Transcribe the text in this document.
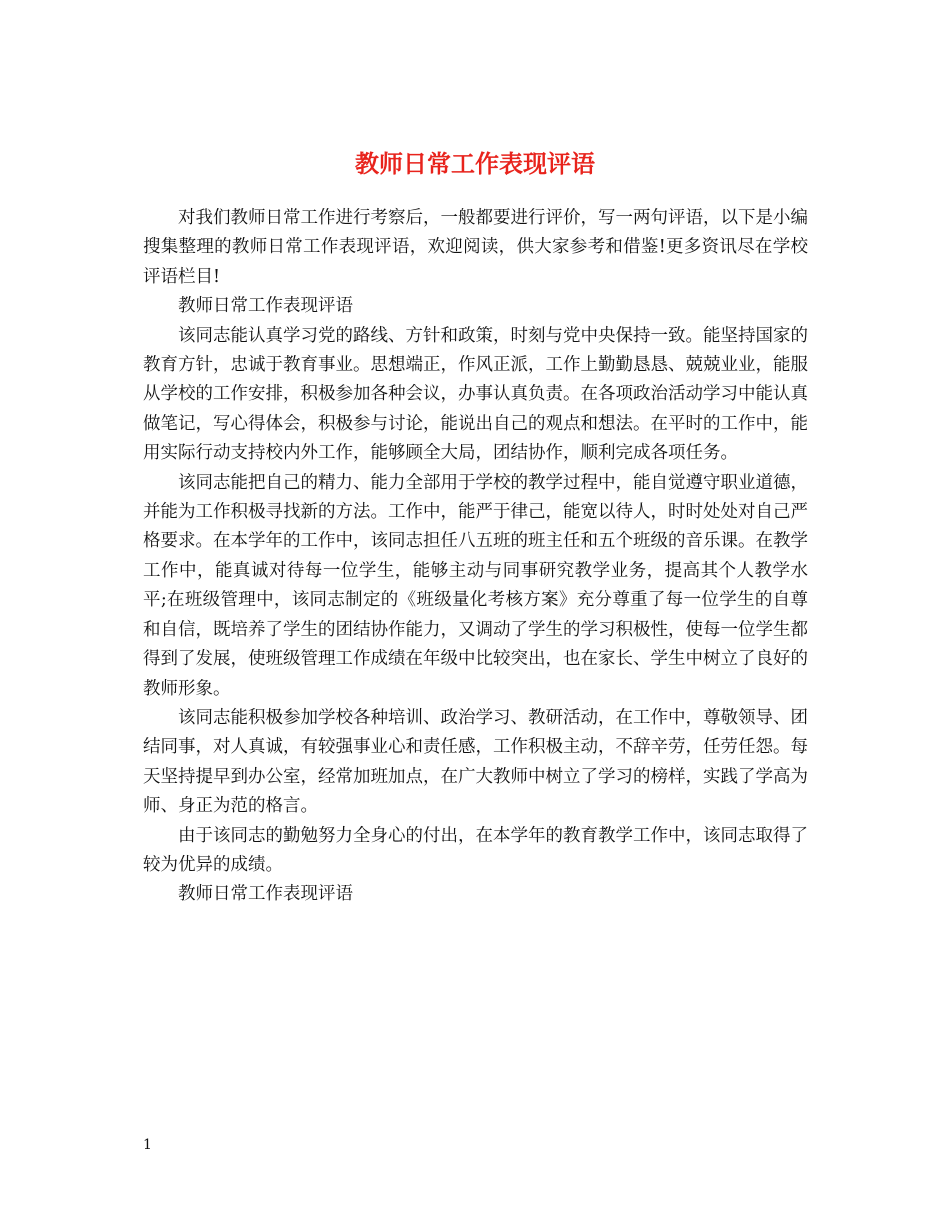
教师日常工作表现评语

对我们教师日常工作进行考察后，一般都要进行评价，写一两句评语，以下是小编搜集整理的教师日常工作表现评语，欢迎阅读，供大家参考和借鉴!更多资讯尽在学校评语栏目!

教师日常工作表现评语

该同志能认真学习党的路线、方针和政策，时刻与党中央保持一致。能坚持国家的教育方针，忠诚于教育事业。思想端正，作风正派，工作上勤勤恳恳、兢兢业业，能服从学校的工作安排，积极参加各种会议，办事认真负责。在各项政治活动学习中能认真做笔记，写心得体会，积极参与讨论，能说出自己的观点和想法。在平时的工作中，能用实际行动支持校内外工作，能够顾全大局，团结协作，顺利完成各项任务。

该同志能把自己的精力、能力全部用于学校的教学过程中，能自觉遵守职业道德，并能为工作积极寻找新的方法。工作中，能严于律己，能宽以待人，时时处处对自己严格要求。在本学年的工作中，该同志担任八五班的班主任和五个班级的音乐课。在教学工作中，能真诚对待每一位学生，能够主动与同事研究教学业务，提高其个人教学水平;在班级管理中，该同志制定的《班级量化考核方案》充分尊重了每一位学生的自尊和自信，既培养了学生的团结协作能力，又调动了学生的学习积极性，使每一位学生都得到了发展，使班级管理工作成绩在年级中比较突出，也在家长、学生中树立了良好的教师形象。

该同志能积极参加学校各种培训、政治学习、教研活动，在工作中，尊敬领导、团结同事，对人真诚，有较强事业心和责任感，工作积极主动，不辞辛劳，任劳任怨。每天坚持提早到办公室，经常加班加点，在广大教师中树立了学习的榜样，实践了学高为师、身正为范的格言。

由于该同志的勤勉努力全身心的付出，在本学年的教育教学工作中，该同志取得了较为优异的成绩。

教师日常工作表现评语

1
